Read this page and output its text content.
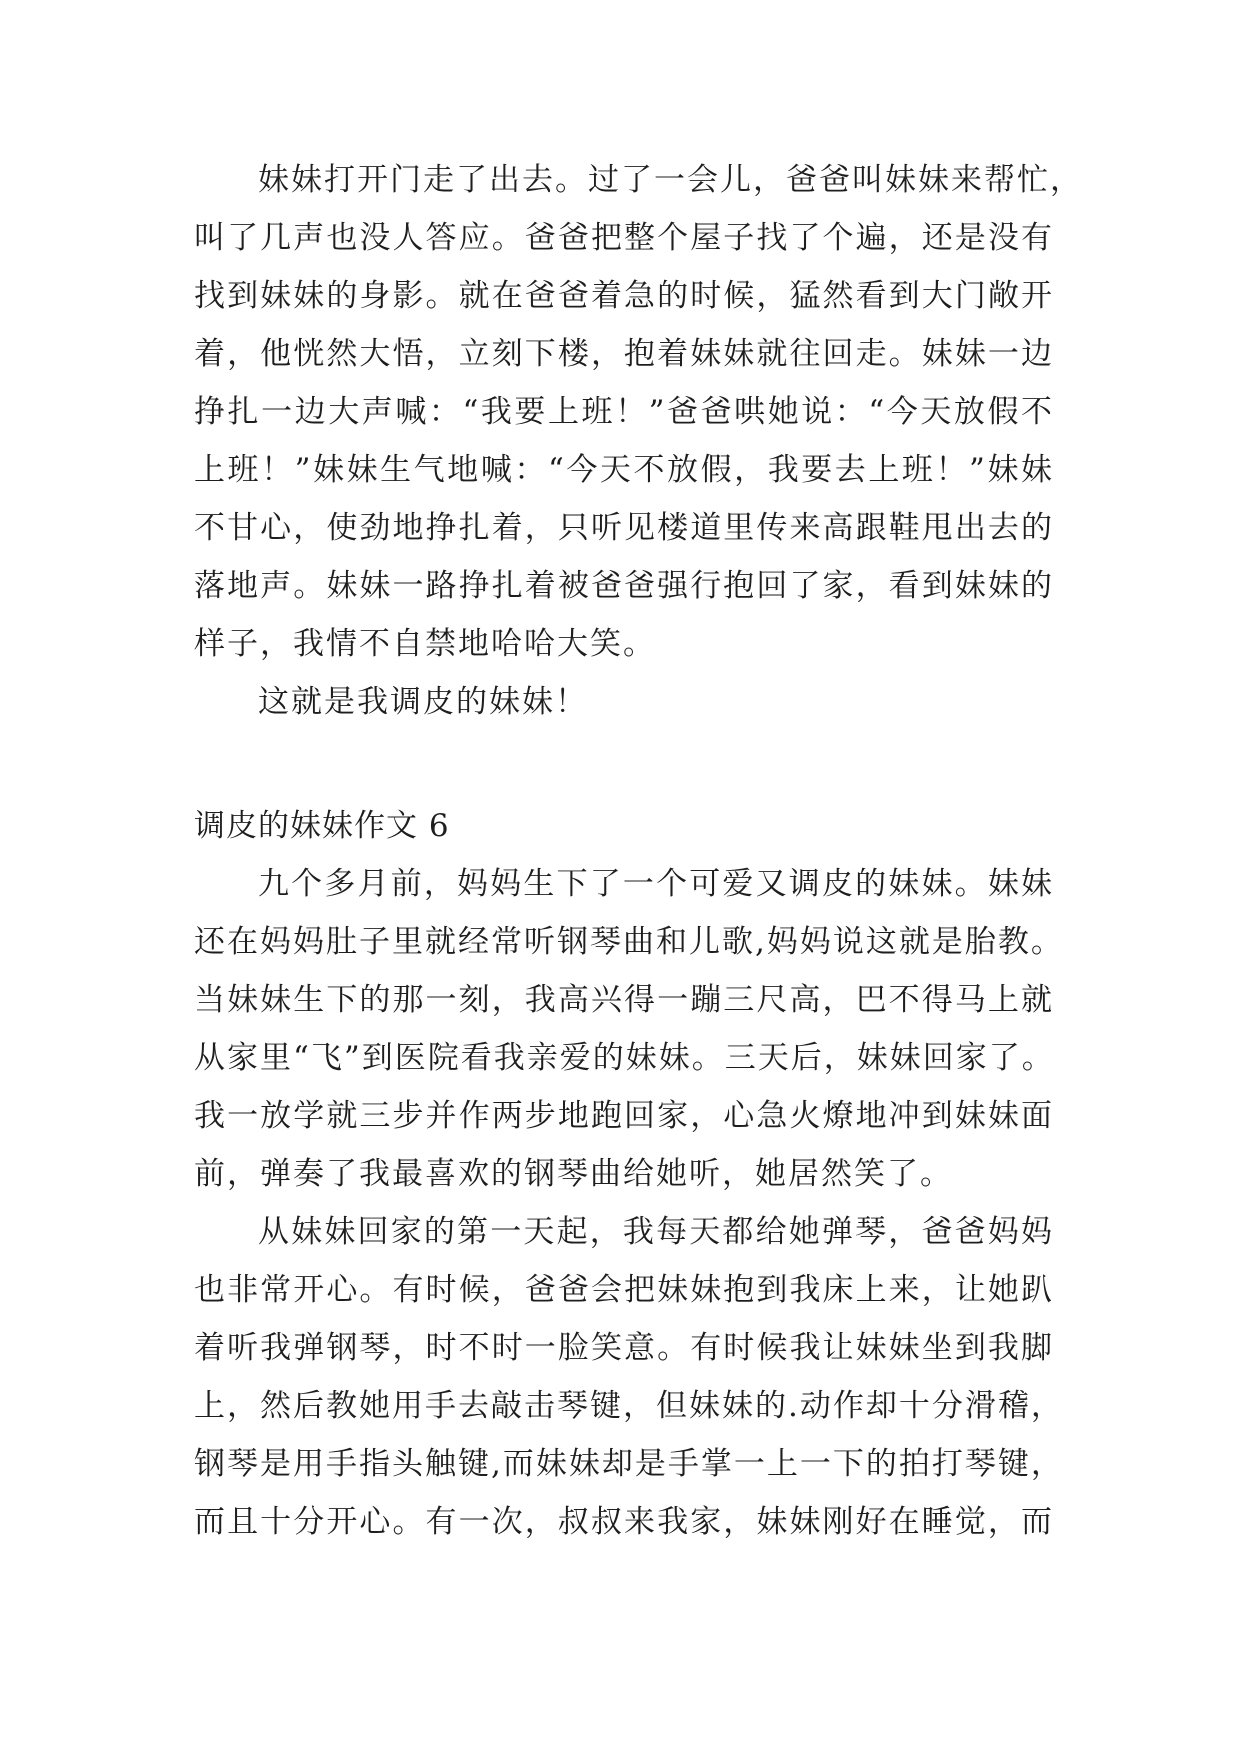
妹妹打开门走了出去。过了一会儿，爸爸叫妹妹来帮忙，
叫了几声也没人答应。爸爸把整个屋子找了个遍，还是没有
找到妹妹的身影。就在爸爸着急的时候，猛然看到大门敞开
着，他恍然大悟，立刻下楼，抱着妹妹就往回走。妹妹一边
挣扎一边大声喊：“我要上班！”爸爸哄她说：“今天放假不
上班！”妹妹生气地喊：“今天不放假，我要去上班！”妹妹
不甘心，使劲地挣扎着，只听见楼道里传来高跟鞋甩出去的
落地声。妹妹一路挣扎着被爸爸强行抱回了家，看到妹妹的
样子，我情不自禁地哈哈大笑。
这就是我调皮的妹妹！
调皮的妹妹作文 6
九个多月前，妈妈生下了一个可爱又调皮的妹妹。妹妹
还在妈妈肚子里就经常听钢琴曲和儿歌,妈妈说这就是胎教。
当妹妹生下的那一刻，我高兴得一蹦三尺高，巴不得马上就
从家里“飞”到医院看我亲爱的妹妹。三天后，妹妹回家了。
我一放学就三步并作两步地跑回家，心急火燎地冲到妹妹面
前，弹奏了我最喜欢的钢琴曲给她听，她居然笑了。
从妹妹回家的第一天起，我每天都给她弹琴，爸爸妈妈
也非常开心。有时候，爸爸会把妹妹抱到我床上来，让她趴
着听我弹钢琴，时不时一脸笑意。有时候我让妹妹坐到我脚
上，然后教她用手去敲击琴键，但妹妹的.动作却十分滑稽，
钢琴是用手指头触键,而妹妹却是手掌一上一下的拍打琴键，
而且十分开心。有一次，叔叔来我家，妹妹刚好在睡觉，而
